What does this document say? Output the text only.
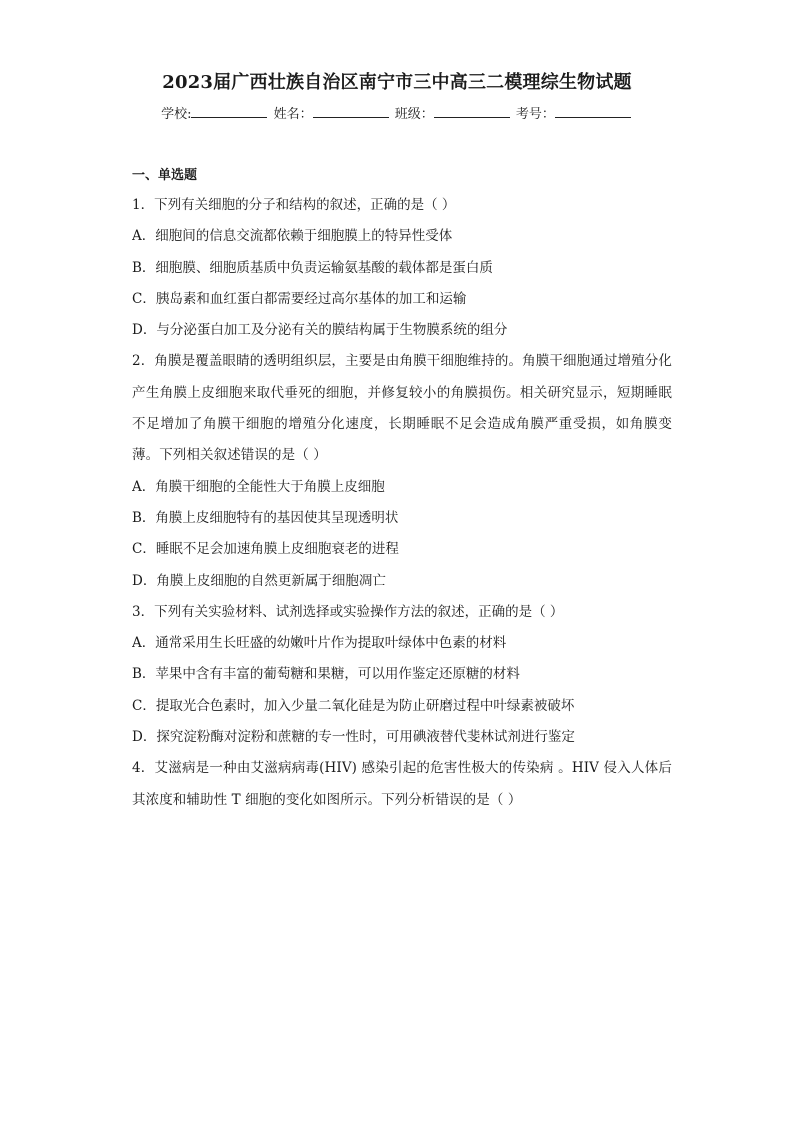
2023届广西壮族自治区南宁市三中高三二模理综生物试题
学校:	姓名：	班级：	考号：
一、单选题
1．下列有关细胞的分子和结构的叙述，正确的是（ ）
A．细胞间的信息交流都依赖于细胞膜上的特异性受体
B．细胞膜、细胞质基质中负责运输氨基酸的载体都是蛋白质
C．胰岛素和血红蛋白都需要经过高尔基体的加工和运输
D．与分泌蛋白加工及分泌有关的膜结构属于生物膜系统的组分
2．角膜是覆盖眼睛的透明组织层，主要是由角膜干细胞维持的。角膜干细胞通过增殖分化产生角膜上皮细胞来取代垂死的细胞，并修复较小的角膜损伤。相关研究显示，短期睡眠不足增加了角膜干细胞的增殖分化速度，长期睡眠不足会造成角膜严重受损，如角膜变薄。下列相关叙述错误的是（ ）
A．角膜干细胞的全能性大于角膜上皮细胞
B．角膜上皮细胞特有的基因使其呈现透明状
C．睡眠不足会加速角膜上皮细胞衰老的进程
D．角膜上皮细胞的自然更新属于细胞凋亡
3．下列有关实验材料、试剂选择或实验操作方法的叙述，正确的是（ ）
A．通常采用生长旺盛的幼嫩叶片作为提取叶绿体中色素的材料
B．苹果中含有丰富的葡萄糖和果糖，可以用作鉴定还原糖的材料
C．提取光合色素时，加入少量二氧化硅是为防止研磨过程中叶绿素被破坏
D．探究淀粉酶对淀粉和蔗糖的专一性时，可用碘液替代斐林试剂进行鉴定
4．艾滋病是一种由艾滋病病毒(HIV) 感染引起的危害性极大的传染病 。HIV 侵入人体后其浓度和辅助性 T 细胞的变化如图所示。下列分析错误的是（ ）
